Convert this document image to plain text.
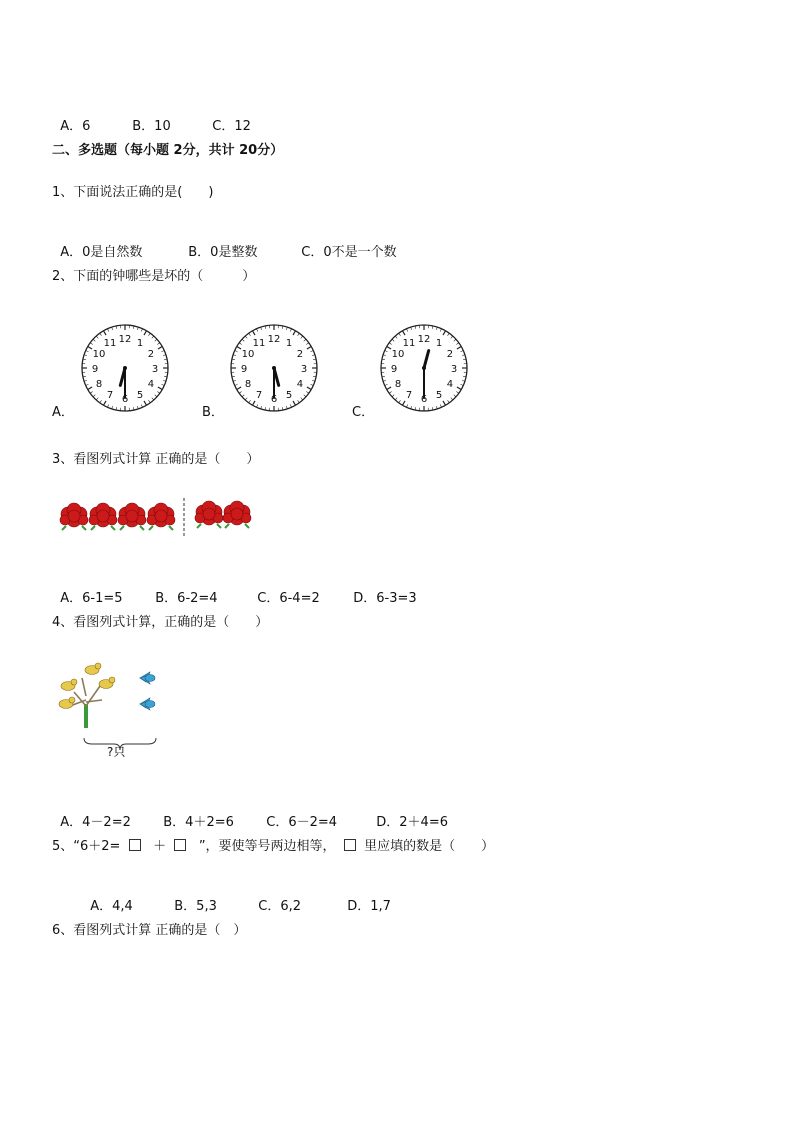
A．6	B．10	C．12

二、多选题（每小题 2分，共计 20分）
1、下面说法正确的是(　　)

A．0是自然数	B．0是整数	C．0不是一个数

2、下面的钟哪些是坏的（　　　）
A．
12 1
2
3
4
5
6
7
8
9
10
11
B．
12 1
2
3
4
5
6
7
8
9
10
11
C．
12 1
2
3
4
5
6
7
8
9
10
11
3、看图列式计算 正确的是（　　）

A．6-1=5	B．6-2=4	C．6-4=2	D．6-3=3

4、看图列式计算，正确的是（　　）
?只

A．4－2=2 B．4＋2=6 C．6－2=4	D．2＋4=6

5、“6＋2=	＋	”，要使等号两边相等， 里应填的数是（　　）

A．4,4	B．5,3	C．6,2	D．1,7

6、看图列式计算 正确的是（　）
